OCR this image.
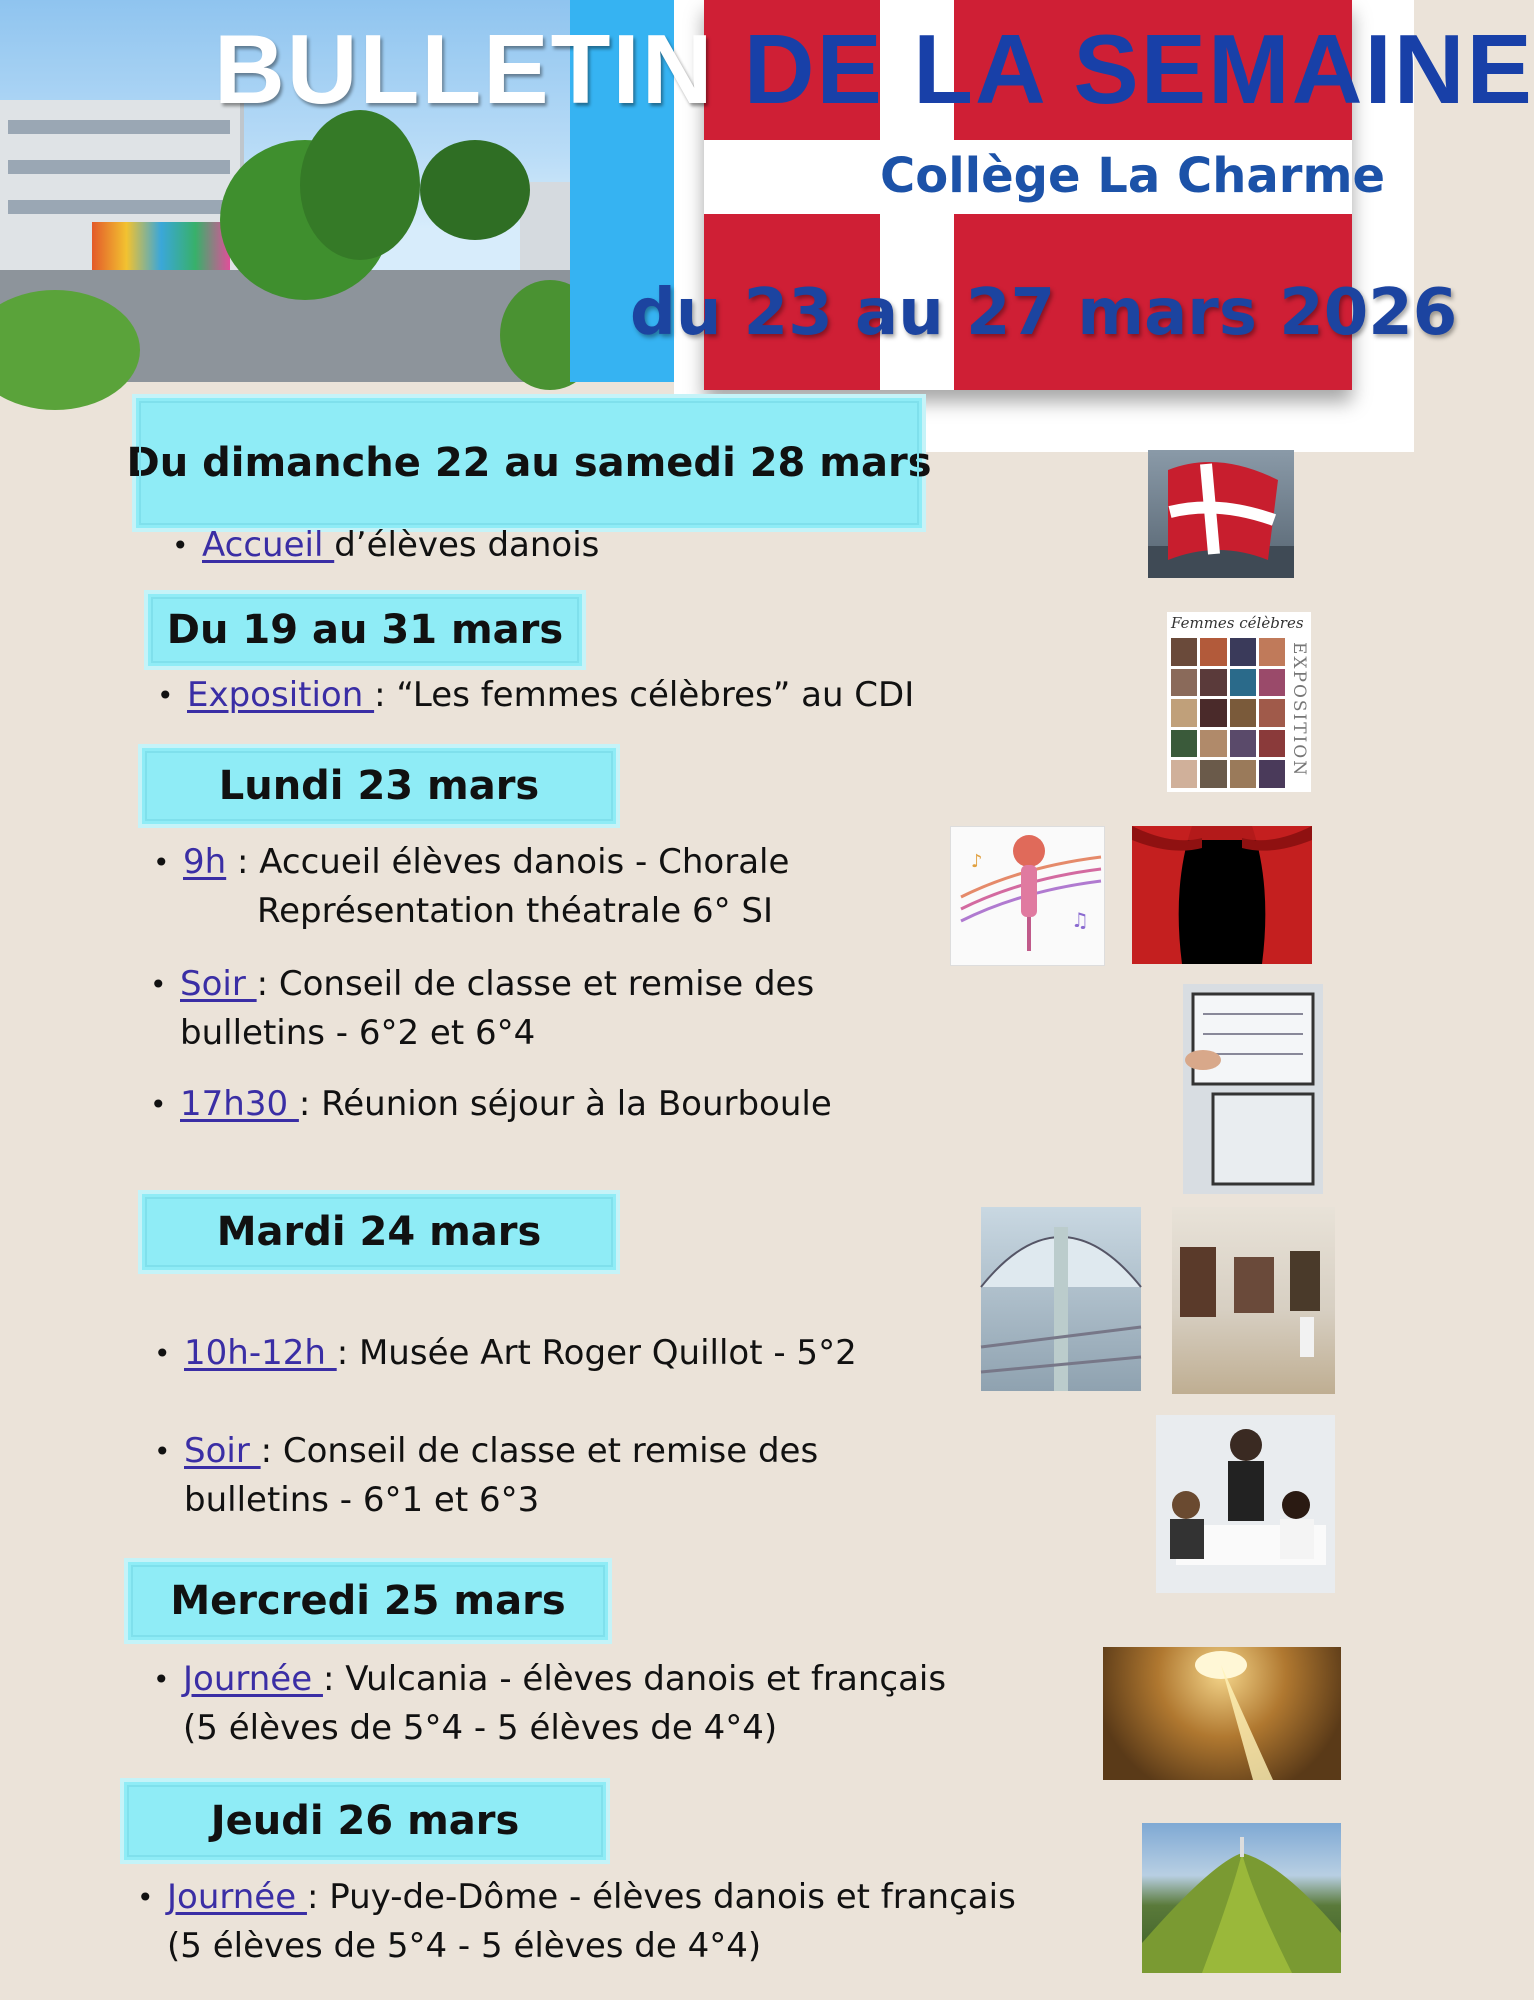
BULLETIN DE LA SEMAINE
Collège La Charme
du 23 au 27 mars 2026
Du dimanche 22 au samedi 28 mars
• Accueil d’élèves danois
Du 19 au 31 mars
• Exposition : “Les femmes célèbres” au CDI
Lundi 23 mars
• 9h : Accueil élèves danois - Chorale
Représentation théatrale 6° SI
• Soir : Conseil de classe et remise des
bulletins - 6°2 et 6°4
• 17h30 : Réunion séjour à la Bourboule
Mardi 24 mars
• 10h-12h : Musée Art Roger Quillot - 5°2
• Soir : Conseil de classe et remise des
bulletins - 6°1 et 6°3
Mercredi 25 mars
• Journée : Vulcania - élèves danois et français
(5 élèves de 5°4 - 5 élèves de 4°4)
Jeudi 26 mars
• Journée : Puy-de-Dôme - élèves danois et français
(5 élèves de 5°4 - 5 élèves de 4°4)
Femmes célèbres
EXPOSITION
♪
♫
